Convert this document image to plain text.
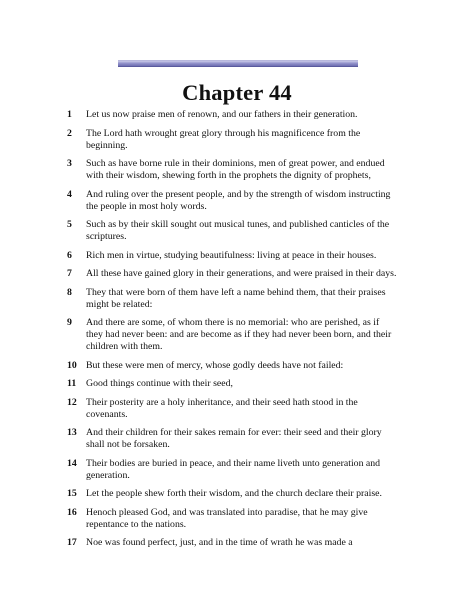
Chapter 44
1 Let us now praise men of renown, and our fathers in their generation.
2 The Lord hath wrought great glory through his magnificence from the beginning.
3 Such as have borne rule in their dominions, men of great power, and endued with their wisdom, shewing forth in the prophets the dignity of prophets,
4 And ruling over the present people, and by the strength of wisdom instructing the people in most holy words.
5 Such as by their skill sought out musical tunes, and published canticles of the scriptures.
6 Rich men in virtue, studying beautifulness: living at peace in their houses.
7 All these have gained glory in their generations, and were praised in their days.
8 They that were born of them have left a name behind them, that their praises might be related:
9 And there are some, of whom there is no memorial: who are perished, as if they had never been: and are become as if they had never been born, and their children with them.
10 But these were men of mercy, whose godly deeds have not failed:
11 Good things continue with their seed,
12 Their posterity are a holy inheritance, and their seed hath stood in the covenants.
13 And their children for their sakes remain for ever: their seed and their glory shall not be forsaken.
14 Their bodies are buried in peace, and their name liveth unto generation and generation.
15 Let the people shew forth their wisdom, and the church declare their praise.
16 Henoch pleased God, and was translated into paradise, that he may give repentance to the nations.
17 Noe was found perfect, just, and in the time of wrath he was made a
